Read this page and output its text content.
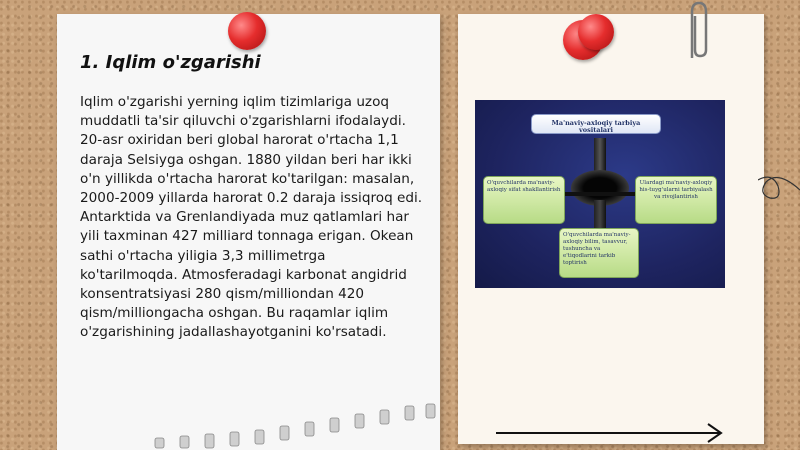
1. Iqlim o'zgarishi
Iqlim o'zgarishi yerning iqlim tizimlariga uzoq muddatli ta'sir qiluvchi o'zgarishlarni ifodalaydi. 20-asr oxiridan beri global harorat o'rtacha 1,1 daraja Selsiyga oshgan. 1880 yildan beri har ikki o'n yillikda o'rtacha harorat ko'tarilgan: masalan, 2000-2009 yillarda harorat 0.2 daraja issiqroq edi. Antarktida va Grenlandiyada muz qatlamlari har yili taxminan 427 milliard tonnaga erigan. Okean sathi o'rtacha yiligia 3,3 millimetrga ko'tarilmoqda. Atmosferadagi karbonat angidrid konsentratsiyasi 280 qism/milliondan 420 qism/milliongacha oshgan. Bu raqamlar iqlim o'zgarishining jadallashayotganini ko'rsatadi.
Ma'naviy-axloqiy tarbiya vositalari
O'quvchilarda ma'naviy-axloqiy sifat shakllantirish
Ulardagi ma'naviy-axloqiy his-tuyg'ularni tarbiyalash va rivojlantirish
O'quvchilarda ma'naviy-axloqiy bilim, tasavvur, tushuncha va e'tiqodlarini tarkib toptirish
